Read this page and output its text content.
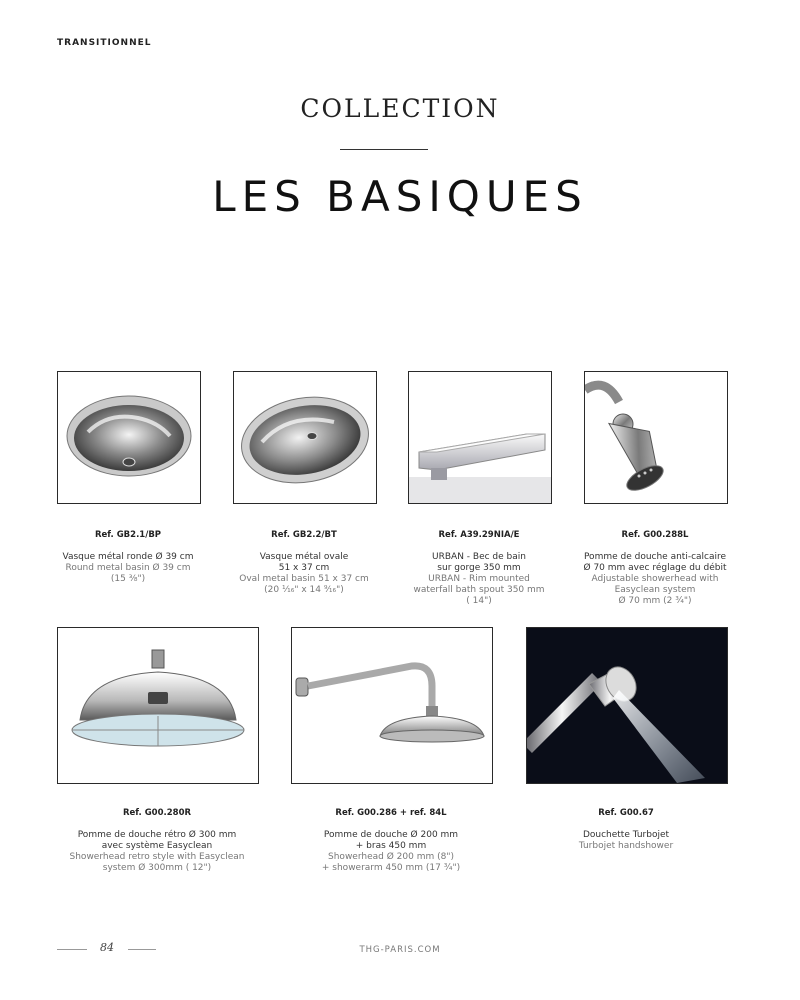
TRANSITIONNEL
COLLECTION
LES BASIQUES
Ref. GB2.1/BP
Vasque métal ronde Ø 39 cm
Round metal basin Ø 39 cm
(15 ⅜")
Ref. GB2.2/BT
Vasque métal ovale
51 x 37 cm
Oval metal basin 51 x 37 cm
(20 ¹⁄₁₆" x 14 ⁹⁄₁₆")
Ref. A39.29NIA/E
URBAN - Bec de bain
sur gorge 350 mm
URBAN - Rim mounted
waterfall bath spout 350 mm
( 14")
Ref. G00.288L
Pomme de douche anti-calcaire
Ø 70 mm avec réglage du débit
Adjustable showerhead with
Easyclean system
Ø 70 mm (2 ¾")
Ref. G00.280R
Pomme de douche rétro Ø 300 mm
avec système Easyclean
Showerhead retro style with Easyclean
system Ø 300mm ( 12")
Ref. G00.286 + ref. 84L
Pomme de douche Ø 200 mm
+ bras 450 mm
Showerhead Ø 200 mm (8")
+ showerarm 450 mm (17 ¾")
Ref. G00.67
Douchette Turbojet
Turbojet handshower
84	THG-PARIS.COM
